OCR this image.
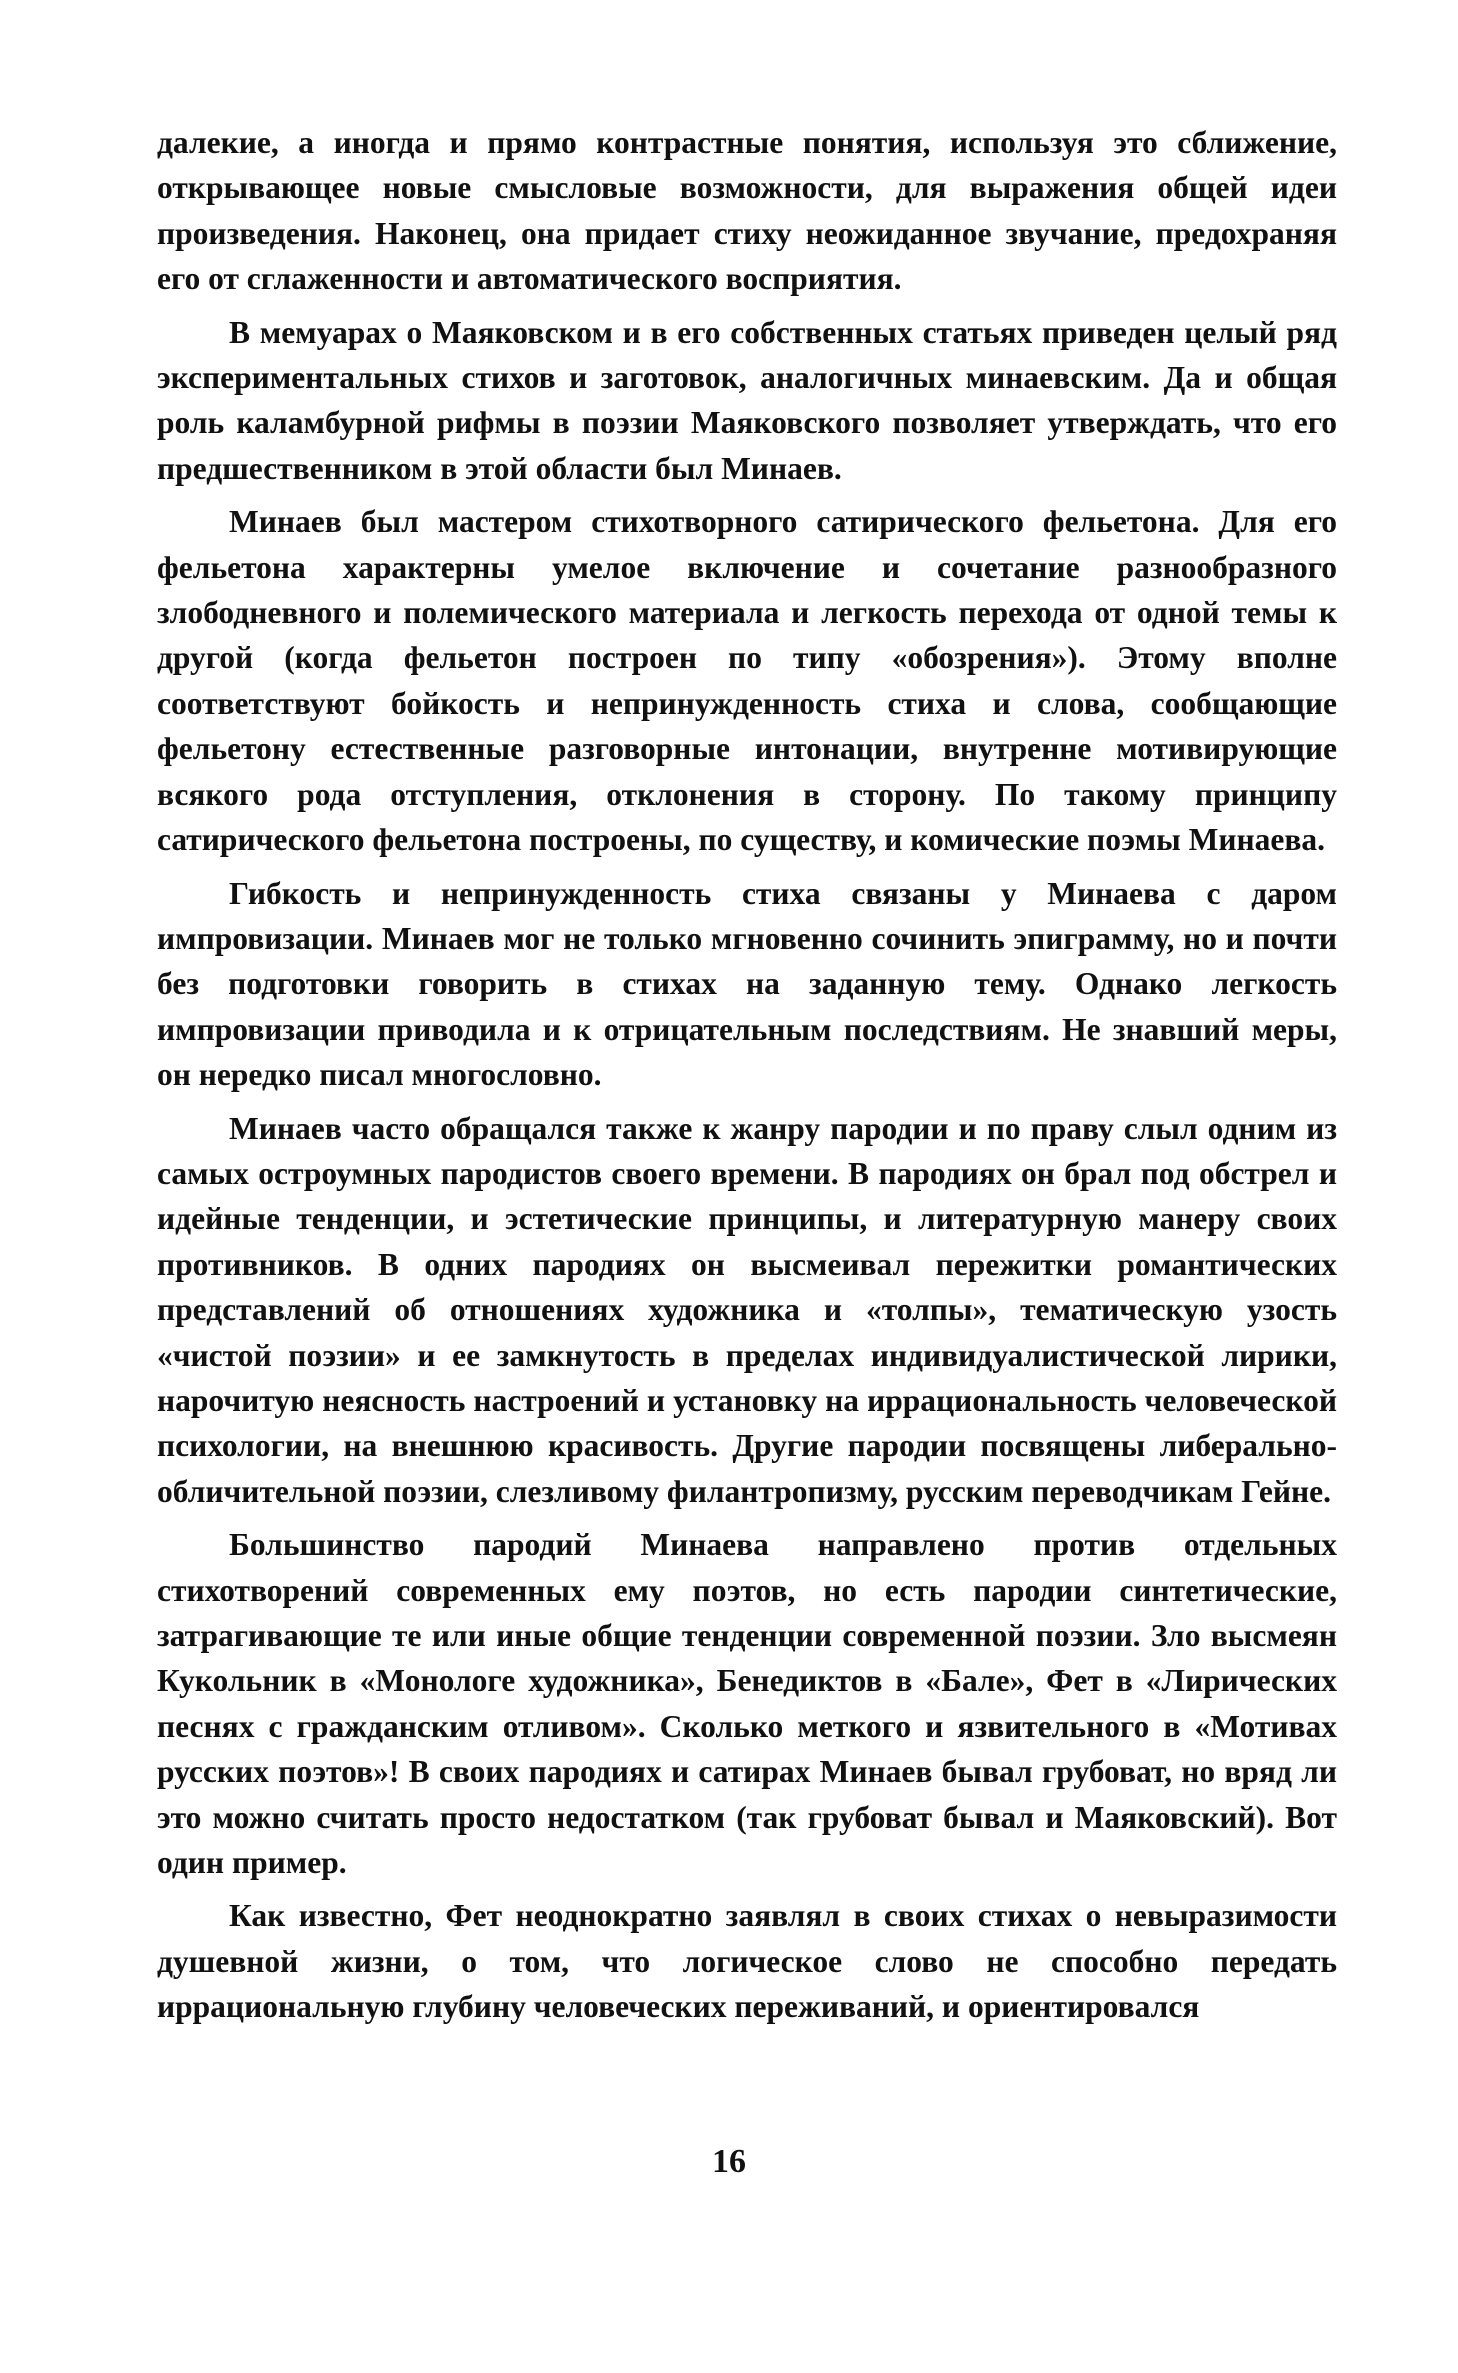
далекие, а иногда и прямо контрастные понятия, используя это сближение, открывающее новые смысловые возможности, для выражения общей идеи произведения. Наконец, она придает стиху неожиданное звучание, предохраняя его от сглаженности и автоматического восприятия.

В мемуарах о Маяковском и в его собственных статьях приведен целый ряд экспериментальных стихов и заготовок, аналогичных минаевским. Да и общая роль каламбурной рифмы в поэзии Маяковского позволяет утверждать, что его предшественником в этой области был Минаев.

Минаев был мастером стихотворного сатирического фельетона. Для его фельетона характерны умелое включение и сочетание разнообразного злободневного и полемического материала и легкость перехода от одной темы к другой (когда фельетон построен по типу «обозрения»). Этому вполне соответствуют бойкость и непринужденность стиха и слова, сообщающие фельетону естественные разговорные интонации, внутренне мотивирующие всякого рода отступления, отклонения в сторону. По такому принципу сатирического фельетона построены, по существу, и комические поэмы Минаева.

Гибкость и непринужденность стиха связаны у Минаева с даром импровизации. Минаев мог не только мгновенно сочинить эпиграмму, но и почти без подготовки говорить в стихах на заданную тему. Однако легкость импровизации приводила и к отрицательным последствиям. Не знавший меры, он нередко писал многословно.

Минаев часто обращался также к жанру пародии и по праву слыл одним из самых остроумных пародистов своего времени. В пародиях он брал под обстрел и идейные тенденции, и эстетические принципы, и литературную манеру своих противников. В одних пародиях он высмеивал пережитки романтических представлений об отношениях художника и «толпы», тематическую узость «чистой поэзии» и ее замкнутость в пределах индивидуалистической лирики, нарочитую неясность настроений и установку на иррациональность человеческой психологии, на внешнюю красивость. Другие пародии посвящены либерально-обличительной поэзии, слезливому филантропизму, русским переводчикам Гейне.

Большинство пародий Минаева направлено против отдельных стихотворений современных ему поэтов, но есть пародии синтетические, затрагивающие те или иные общие тенденции современной поэзии. Зло высмеян Кукольник в «Монологе художника», Бенедиктов в «Бале», Фет в «Лирических песнях с гражданским отливом». Сколько меткого и язвительного в «Мотивах русских поэтов»! В своих пародиях и сатирах Минаев бывал грубоват, но вряд ли это можно считать просто недостатком (так грубоват бывал и Маяковский). Вот один пример.

Как известно, Фет неоднократно заявлял в своих стихах о невыразимости душевной жизни, о том, что логическое слово не способно передать иррациональную глубину человеческих переживаний, и ориентировался

16
